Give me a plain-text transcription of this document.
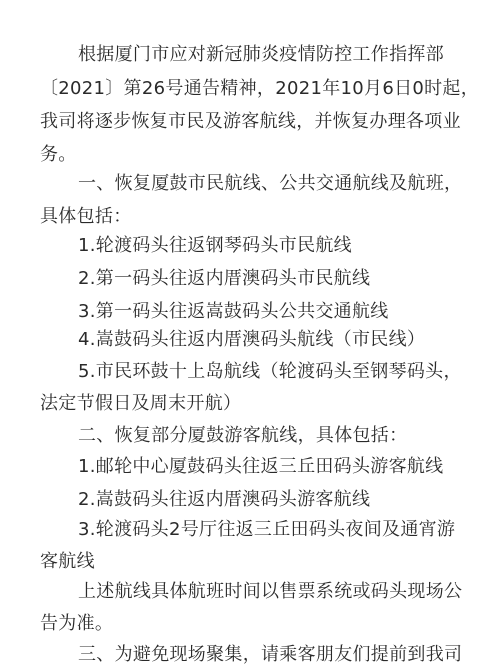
根据厦门市应对新冠肺炎疫情防控工作指挥部
〔2021〕第26号通告精神，2021年10月6日0时起，
我司将逐步恢复市民及游客航线，并恢复办理各项业
务。
一、恢复厦鼓市民航线、公共交通航线及航班，
具体包括：
1.轮渡码头往返钢琴码头市民航线
2.第一码头往返内厝澳码头市民航线
3.第一码头往返嵩鼓码头公共交通航线
4.嵩鼓码头往返内厝澳码头航线（市民线）
5.市民环鼓十上岛航线（轮渡码头至钢琴码头，
法定节假日及周末开航）
二、恢复部分厦鼓游客航线，具体包括：
1.邮轮中心厦鼓码头往返三丘田码头游客航线
2.嵩鼓码头往返内厝澳码头游客航线
3.轮渡码头2号厅往返三丘田码头夜间及通宵游
客航线
上述航线具体航班时间以售票系统或码头现场公
告为准。
三、为避免现场聚集，请乘客朋友们提前到我司
